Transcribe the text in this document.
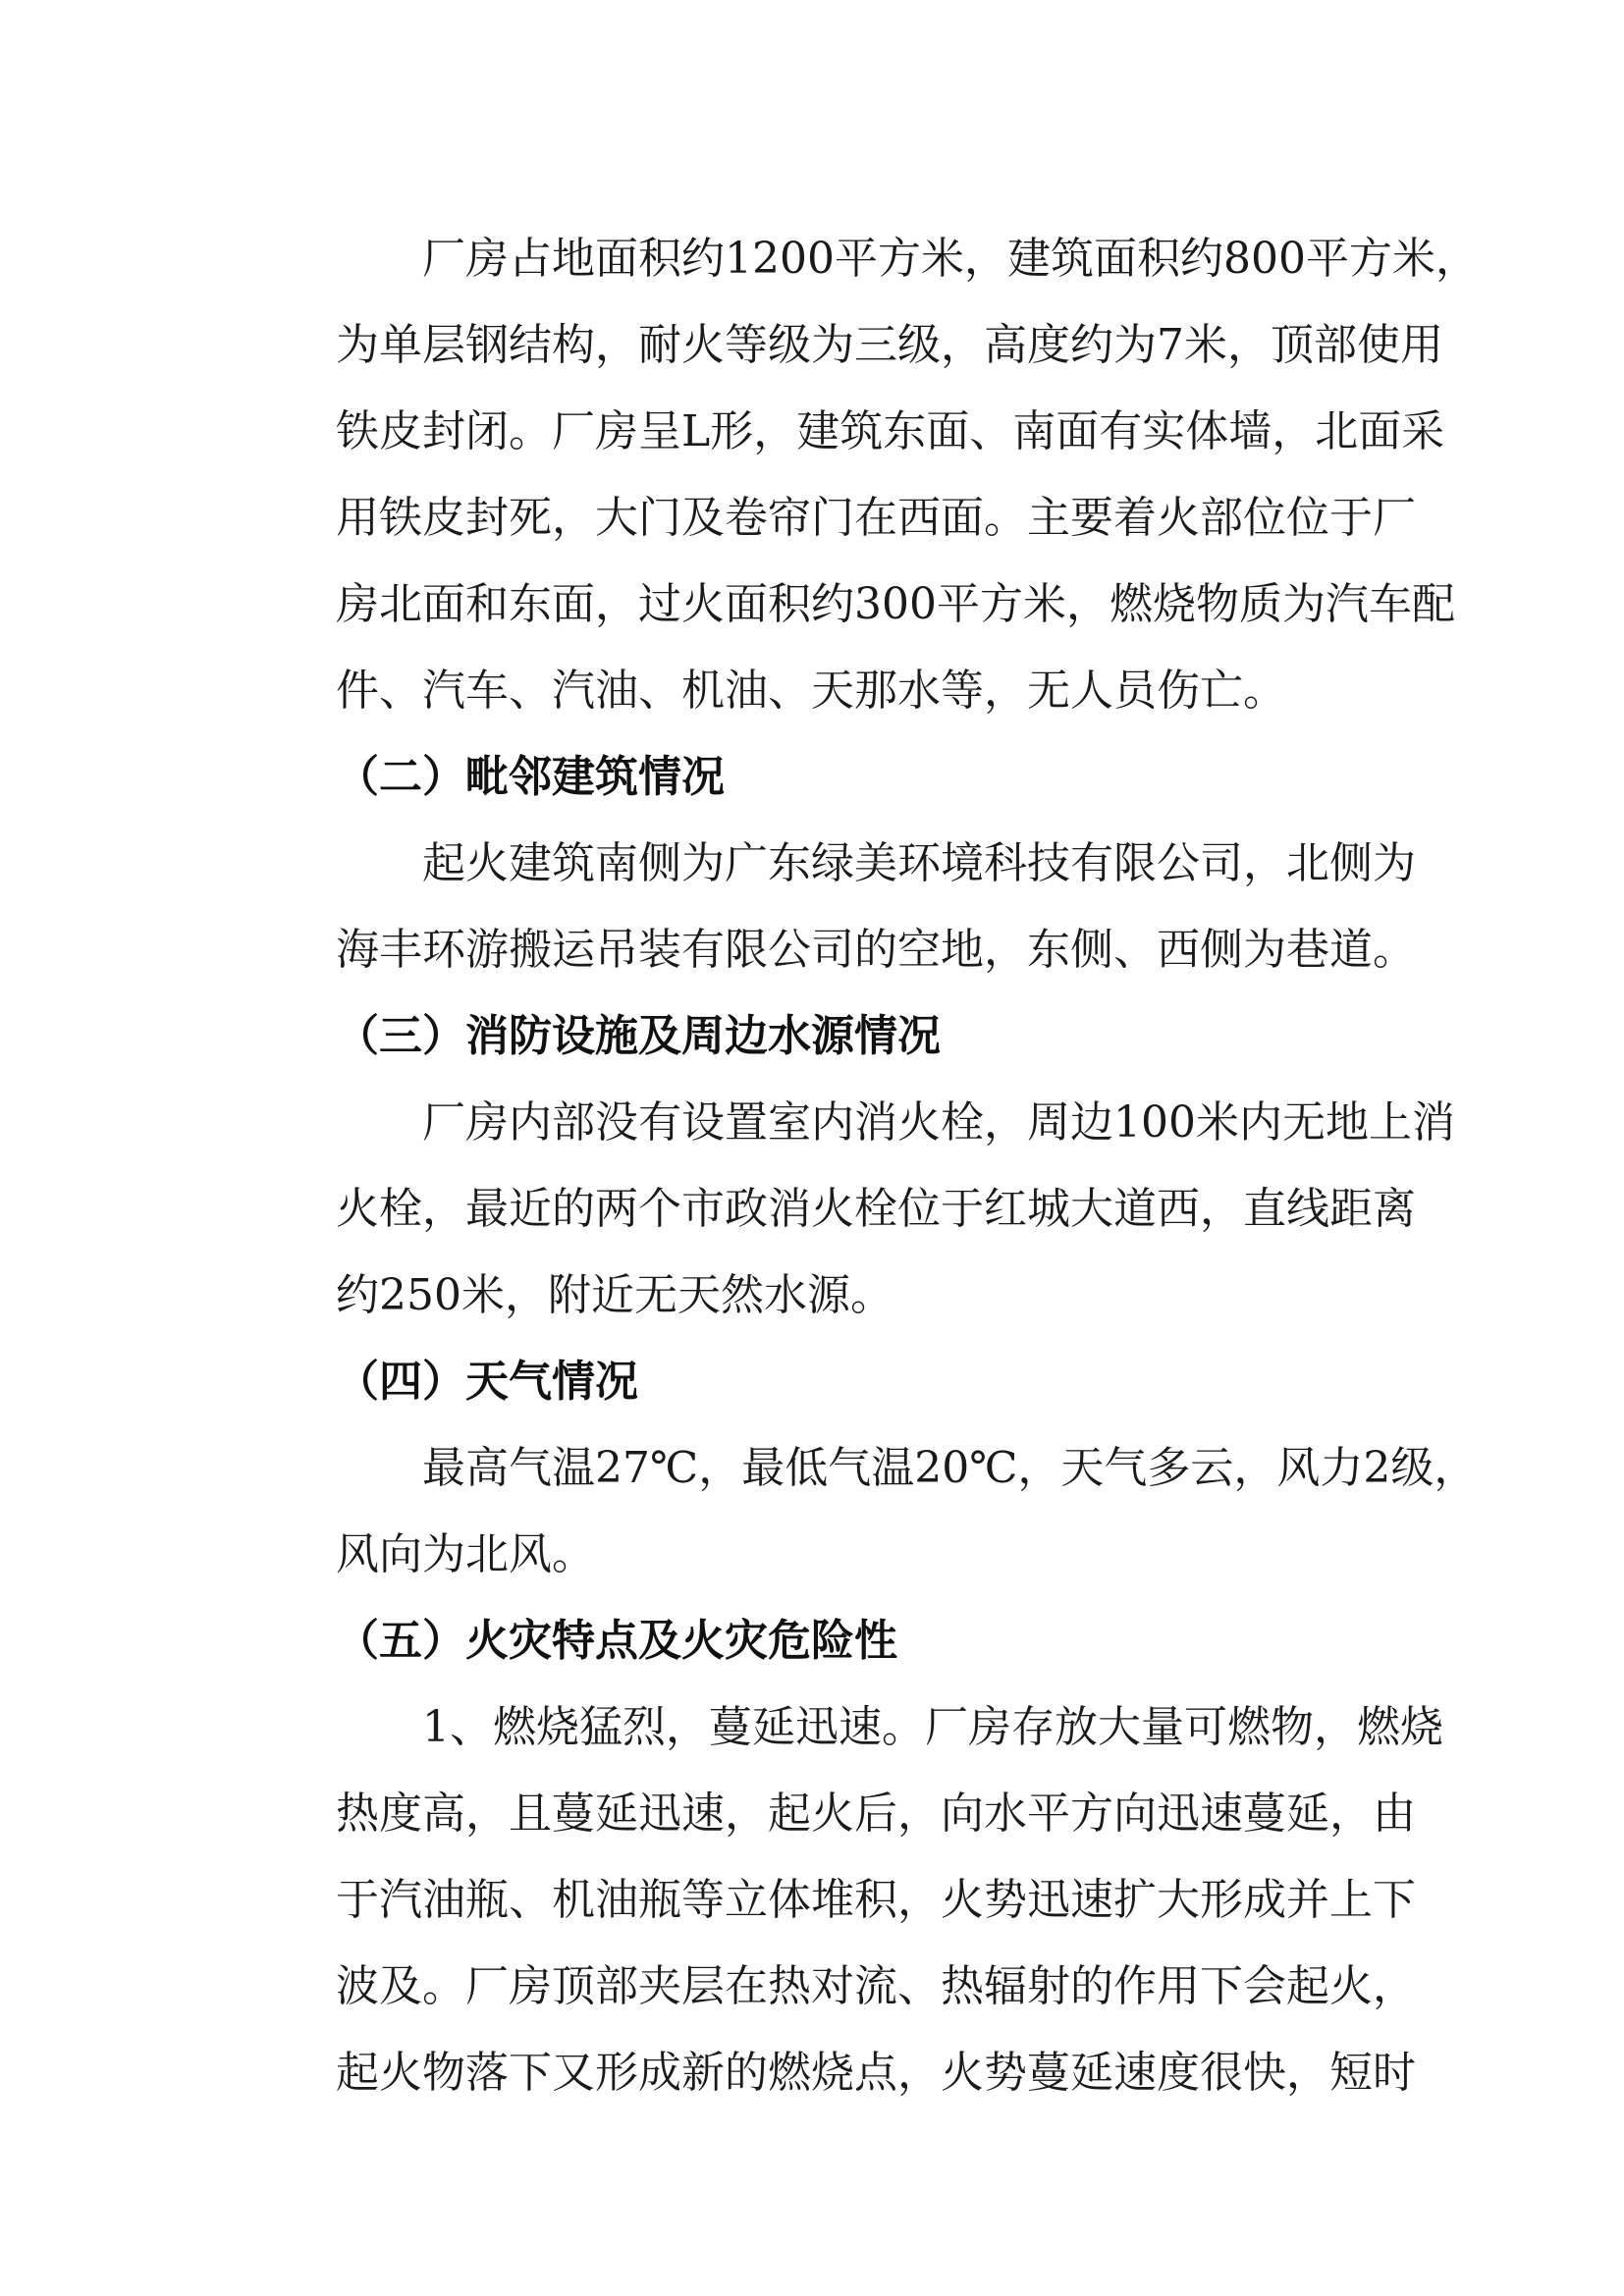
厂房占地面积约1200平方米，建筑面积约800平方米，
为单层钢结构，耐火等级为三级，高度约为7米，顶部使用
铁皮封闭。厂房呈L形，建筑东面、南面有实体墙，北面采
用铁皮封死，大门及卷帘门在西面。主要着火部位位于厂
房北面和东面，过火面积约300平方米，燃烧物质为汽车配
件、汽车、汽油、机油、天那水等，无人员伤亡。
（二）毗邻建筑情况
起火建筑南侧为广东绿美环境科技有限公司，北侧为
海丰环游搬运吊装有限公司的空地，东侧、西侧为巷道。
（三）消防设施及周边水源情况
厂房内部没有设置室内消火栓，周边100米内无地上消
火栓，最近的两个市政消火栓位于红城大道西，直线距离
约250米，附近无天然水源。
（四）天气情况
最高气温27℃，最低气温20℃，天气多云，风力2级，
风向为北风。
（五）火灾特点及火灾危险性
1、燃烧猛烈，蔓延迅速。厂房存放大量可燃物，燃烧
热度高，且蔓延迅速，起火后，向水平方向迅速蔓延，由
于汽油瓶、机油瓶等立体堆积，火势迅速扩大形成并上下
波及。厂房顶部夹层在热对流、热辐射的作用下会起火，
起火物落下又形成新的燃烧点，火势蔓延速度很快，短时
